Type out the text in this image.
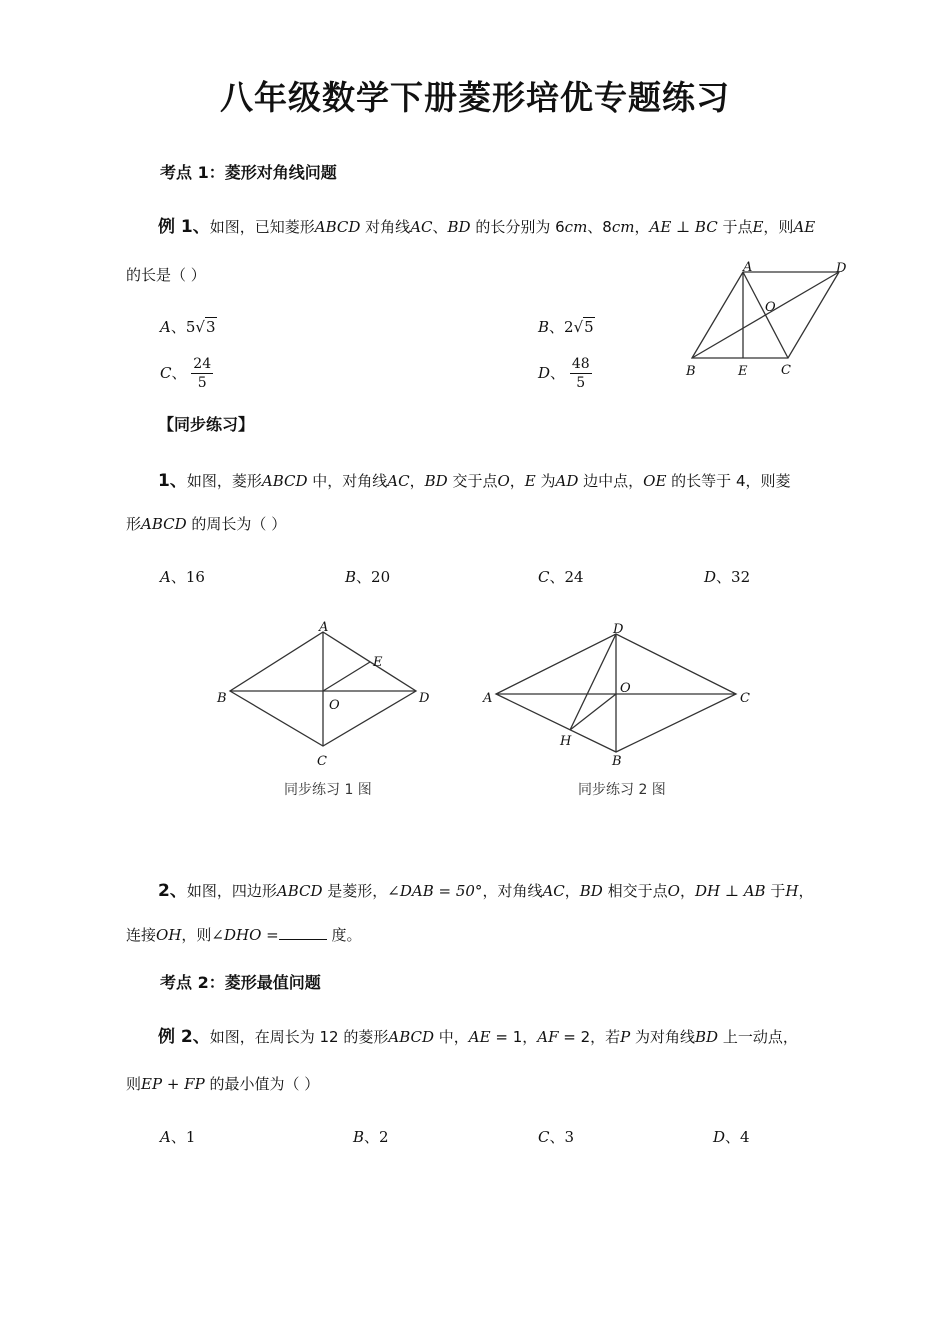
八年级数学下册菱形培优专题练习
考点 1：菱形对角线问题
例 1、如图，已知菱形ABCD 对角线AC、BD 的长分别为 6cm、8cm，AE ⊥ BC 于点E，则AE
的长是（ ）
A、5√3	B、2√5
C、 $\frac{24}{5}$	D、 $\frac{48}{5}$
A	D
O
B	E	C
【同步练习】
1、如图，菱形ABCD 中，对角线AC，BD 交于点O，E 为AD 边中点，OE 的长等于 4，则菱
形ABCD 的周长为（ ）
A、16	B、20	C、24	D、32
A
E
B	O	D
C
同步练习 1 图
D
O
A	C
H
B
同步练习 2 图
2、如图，四边形ABCD 是菱形，∠DAB = 50°，对角线AC，BD 相交于点O，DH ⊥ AB 于H，
连接OH，则∠DHO =	度。
考点 2：菱形最值问题
例 2、如图，在周长为 12 的菱形ABCD 中，AE = 1，AF = 2，若P 为对角线BD 上一动点，
则EP + FP 的最小值为（ ）
A、1	B、2	C、3	D、4
